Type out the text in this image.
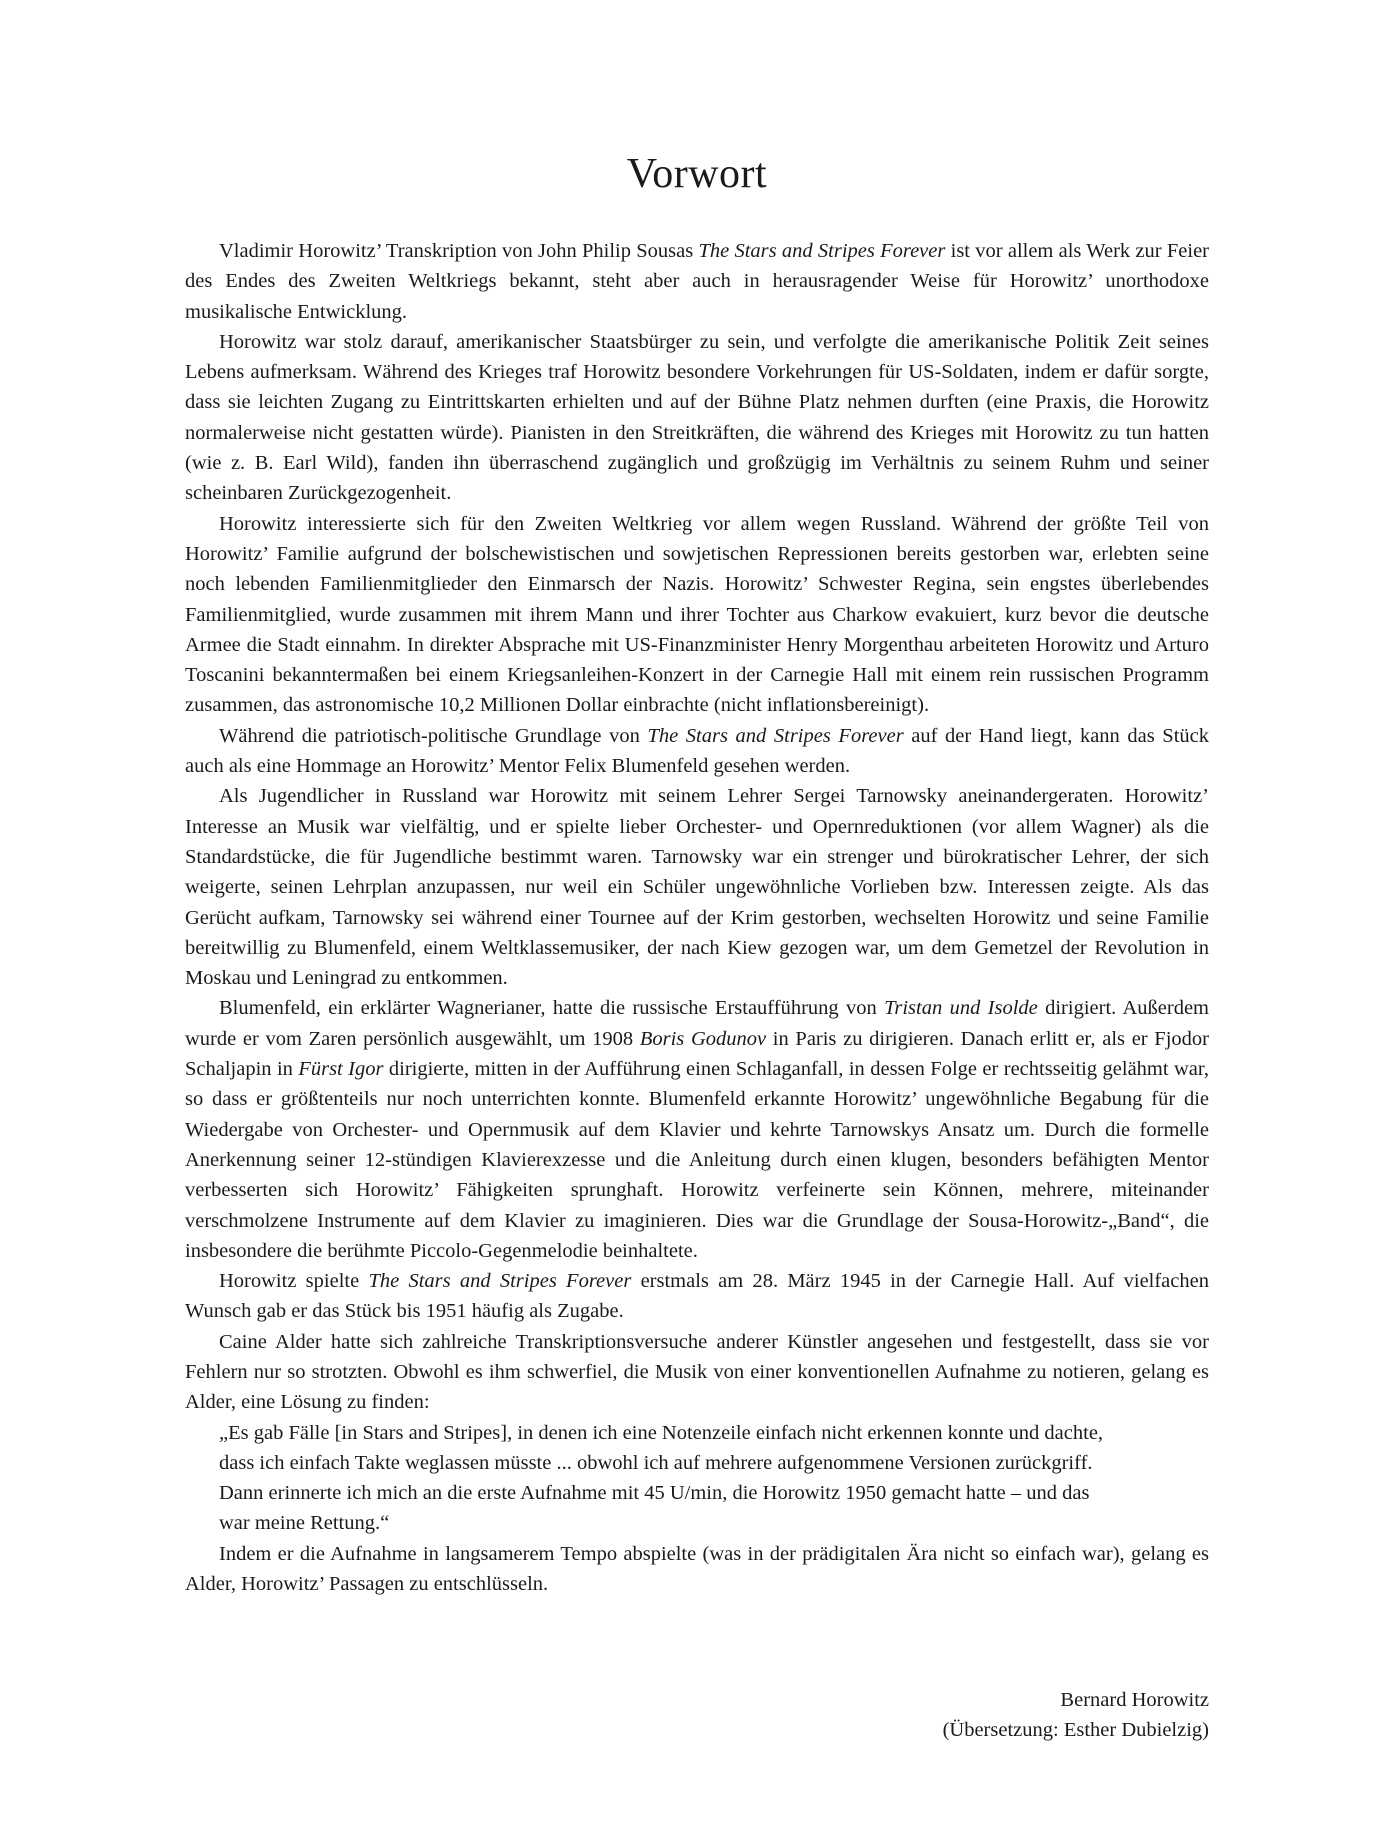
Vorwort

Vladimir Horowitz’ Transkription von John Philip Sousas The Stars and Stripes Forever ist vor allem als Werk zur Feier des Endes des Zweiten Weltkriegs bekannt, steht aber auch in herausragender Weise für Horowitz’ unorthodoxe musikalische Entwicklung.

Horowitz war stolz darauf, amerikanischer Staatsbürger zu sein, und verfolgte die amerikanische Politik Zeit seines Lebens aufmerksam. Während des Krieges traf Horowitz besondere Vorkehrungen für US-Soldaten, indem er dafür sorgte, dass sie leichten Zugang zu Eintrittskarten erhielten und auf der Bühne Platz nehmen durften (eine Praxis, die Horowitz normalerweise nicht gestatten würde). Pianisten in den Streitkräften, die während des Krieges mit Horowitz zu tun hatten (wie z. B. Earl Wild), fanden ihn überraschend zugänglich und großzügig im Verhältnis zu seinem Ruhm und seiner scheinbaren Zurückgezogenheit.

Horowitz interessierte sich für den Zweiten Weltkrieg vor allem wegen Russland. Während der größte Teil von Horowitz’ Familie aufgrund der bolschewistischen und sowjetischen Repressionen bereits gestorben war, erlebten seine noch lebenden Familienmitglieder den Einmarsch der Nazis. Horowitz’ Schwester Regina, sein engstes überlebendes Familienmitglied, wurde zusammen mit ihrem Mann und ihrer Tochter aus Charkow evakuiert, kurz bevor die deutsche Armee die Stadt einnahm. In direkter Absprache mit US-Finanzminister Henry Morgenthau arbeiteten Horowitz und Arturo Toscanini bekanntermaßen bei einem Kriegsanleihen-Konzert in der Carnegie Hall mit einem rein russischen Programm zusammen, das astronomische 10,2 Millionen Dollar einbrachte (nicht inflationsbereinigt).

Während die patriotisch-politische Grundlage von The Stars and Stripes Forever auf der Hand liegt, kann das Stück auch als eine Hommage an Horowitz’ Mentor Felix Blumenfeld gesehen werden.

Als Jugendlicher in Russland war Horowitz mit seinem Lehrer Sergei Tarnowsky aneinandergeraten. Horowitz’ Interesse an Musik war vielfältig, und er spielte lieber Orchester- und Opernreduktionen (vor allem Wagner) als die Standardstücke, die für Jugendliche bestimmt waren. Tarnowsky war ein strenger und bürokratischer Lehrer, der sich weigerte, seinen Lehrplan anzupassen, nur weil ein Schüler ungewöhnliche Vorlieben bzw. Interessen zeigte. Als das Gerücht aufkam, Tarnowsky sei während einer Tournee auf der Krim gestorben, wechselten Horowitz und seine Familie bereitwillig zu Blumenfeld, einem Weltklassemusiker, der nach Kiew gezogen war, um dem Gemetzel der Revolution in Moskau und Leningrad zu entkommen.

Blumenfeld, ein erklärter Wagnerianer, hatte die russische Erstaufführung von Tristan und Isolde dirigiert. Außerdem wurde er vom Zaren persönlich ausgewählt, um 1908 Boris Godunov in Paris zu dirigieren. Danach erlitt er, als er Fjodor Schaljapin in Fürst Igor dirigierte, mitten in der Aufführung einen Schlaganfall, in dessen Folge er rechtsseitig gelähmt war, so dass er größtenteils nur noch unterrichten konnte. Blumenfeld erkannte Horowitz’ ungewöhnliche Begabung für die Wiedergabe von Orchester- und Opernmusik auf dem Klavier und kehrte Tarnowskys Ansatz um. Durch die formelle Anerkennung seiner 12-stündigen Klavierexzesse und die Anleitung durch einen klugen, besonders befähigten Mentor verbesserten sich Horowitz’ Fähigkeiten sprunghaft. Horowitz verfeinerte sein Können, mehrere, miteinander verschmolzene Instrumente auf dem Klavier zu imaginieren. Dies war die Grundlage der Sousa-Horowitz-„Band“, die insbesondere die berühmte Piccolo-Gegenmelodie beinhaltete.

Horowitz spielte The Stars and Stripes Forever erstmals am 28. März 1945 in der Carnegie Hall. Auf vielfachen Wunsch gab er das Stück bis 1951 häufig als Zugabe.

Caine Alder hatte sich zahlreiche Transkriptionsversuche anderer Künstler angesehen und festgestellt, dass sie vor Fehlern nur so strotzten. Obwohl es ihm schwerfiel, die Musik von einer konventionellen Aufnahme zu notieren, gelang es Alder, eine Lösung zu finden:

„Es gab Fälle [in Stars and Stripes], in denen ich eine Notenzeile einfach nicht erkennen konnte und dachte,
dass ich einfach Takte weglassen müsste ... obwohl ich auf mehrere aufgenommene Versionen zurückgriff.
Dann erinnerte ich mich an die erste Aufnahme mit 45 U/min, die Horowitz 1950 gemacht hatte – und das
war meine Rettung.“

Indem er die Aufnahme in langsamerem Tempo abspielte (was in der prädigitalen Ära nicht so einfach war), gelang es Alder, Horowitz’ Passagen zu entschlüsseln.

Bernard Horowitz
(Übersetzung: Esther Dubielzig)
